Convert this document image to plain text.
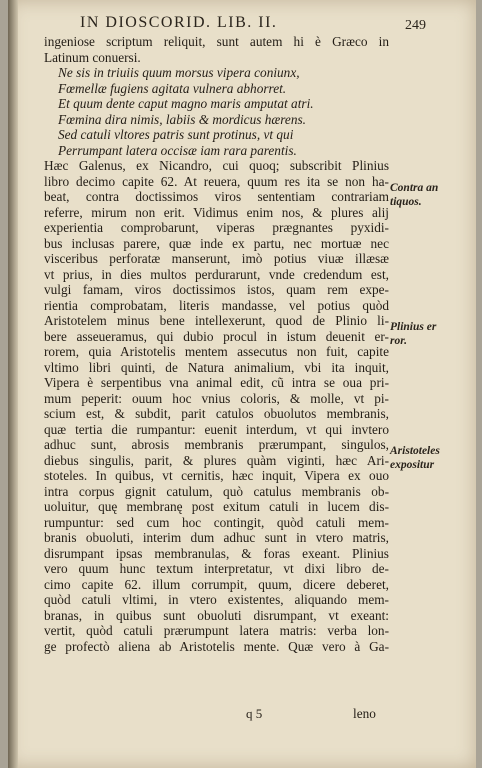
IN DIOSCORID. LIB. II.	249
ingeniose scriptum reliquit, sunt autem hi è Græco in
Latinum conuersi.
Ne sis in triuiis quum morsus vipera coniunx,
Fœmellæ fugiens agitata vulnera abhorret.
Et quum dente caput magno maris amputat atri.
Fœmina dira nimis, labiis & mordicus hærens.
Sed catuli vltores patris sunt protinus, vt qui
Perrumpant latera occisæ iam rara parentis.
Hæc Galenus, ex Nicandro, cui quoq; subscribit Plinius
libro decimo capite 62. At reuera, quum res ita se non ha-
beat, contra doctissimos viros sententiam contrariam
referre, mirum non erit. Vidimus enim nos, & plures alij
experientia comprobarunt, viperas prægnantes pyxidi-
bus inclusas parere, quæ inde ex partu, nec mortuæ nec
visceribus perforatæ manserunt, imò potius viuæ illæsæ
vt prius, in dies multos perdurarunt, vnde credendum est,
vulgi famam, viros doctissimos istos, quam rem expe-
rientia comprobatam, literis mandasse, vel potius quòd
Aristotelem minus bene intellexerunt, quod de Plinio li-
bere asseueramus, qui dubio procul in istum deuenit er-
rorem, quia Aristotelis mentem assecutus non fuit, capite
vltimo libri quinti, de Natura animalium, vbi ita inquit,
Vipera è serpentibus vna animal edit, cũ intra se oua pri-
mum peperit: ouum hoc vnius coloris, & molle, vt pi-
scium est, & subdit, parit catulos obuolutos membranis,
quæ tertia die rumpantur: euenit interdum, vt qui invtero
adhuc sunt, abrosis membranis prærumpant, singulos,
diebus singulis, parit, & plures quàm viginti, hæc Ari-
stoteles. In quibus, vt cernitis, hæc inquit, Vipera ex ouo
intra corpus gignit catulum, quò catulus membranis ob-
uoluitur, quę membranę post exitum catuli in lucem dis-
rumpuntur: sed cum hoc contingit, quòd catuli mem-
branis obuoluti, interim dum adhuc sunt in vtero matris,
disrumpant ipsas membranulas, & foras exeant. Plinius
vero quum hunc textum interpretatur, vt dixi libro de-
cimo capite 62. illum corrumpit, quum, dicere deberet,
quòd catuli vltimi, in vtero existentes, aliquando mem-
branas, in quibus sunt obuoluti disrumpant, vt exeant:
vertit, quòd catuli prærumpunt latera matris: verba lon-
ge profectò aliena ab Aristotelis mente. Quæ vero à Ga-
Contra an tiquos.
Plinius er ror.
Aristoteles expositur
q 5	leno
